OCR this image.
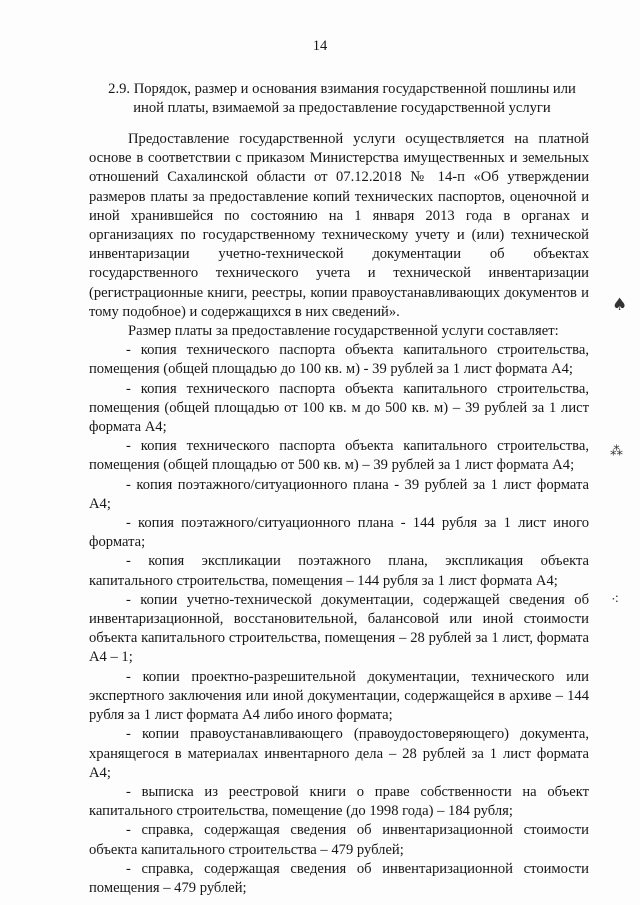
14
2.9. Порядок, размер и основания взимания государственной пошлины или иной платы, взимаемой за предоставление государственной услуги

Предоставление государственной услуги осуществляется на платной основе в соответствии с приказом Министерства имущественных и земельных отношений Сахалинской области от 07.12.2018 № 14-п «Об утверждении размеров платы за предоставление копий технических паспортов, оценочной и иной хранившейся по состоянию на 1 января 2013 года в органах и организациях по государственному техническому учету и (или) технической инвентаризации учетно-технической документации об объектах государственного технического учета и технической инвентаризации (регистрационные книги, реестры, копии правоустанавливающих документов и тому подобное) и содержащихся в них сведений».

Размер платы за предоставление государственной услуги составляет:

- копия технического паспорта объекта капитального строительства, помещения (общей площадью до 100 кв. м) - 39 рублей за 1 лист формата А4;

- копия технического паспорта объекта капитального строительства, помещения (общей площадью от 100 кв. м до 500 кв. м) – 39 рублей за 1 лист формата А4;

- копия технического паспорта объекта капитального строительства, помещения (общей площадью от 500 кв. м) – 39 рублей за 1 лист формата А4;

- копия поэтажного/ситуационного плана - 39 рублей за 1 лист формата А4;

- копия поэтажного/ситуационного плана - 144 рубля за 1 лист иного формата;

- копия экспликации поэтажного плана, экспликация объекта капитального строительства, помещения – 144 рубля за 1 лист формата А4;

- копии учетно-технической документации, содержащей сведения об инвентаризационной, восстановительной, балансовой или иной стоимости объекта капитального строительства, помещения – 28 рублей за 1 лист, формата А4 – 1;

- копии проектно-разрешительной документации, технического или экспертного заключения или иной документации, содержащейся в архиве – 144 рубля за 1 лист формата А4 либо иного формата;

- копии правоустанавливающего (правоудостоверяющего) документа, хранящегося в материалах инвентарного дела – 28 рублей за 1 лист формата А4;

- выписка из реестровой книги о праве собственности на объект капитального строительства, помещение (до 1998 года) – 184 рубля;

- справка, содержащая сведения об инвентаризационной стоимости объекта капитального строительства – 479 рублей;

- справка, содержащая сведения об инвентаризационной стоимости помещения – 479 рублей;

♠
⁂
⁖
